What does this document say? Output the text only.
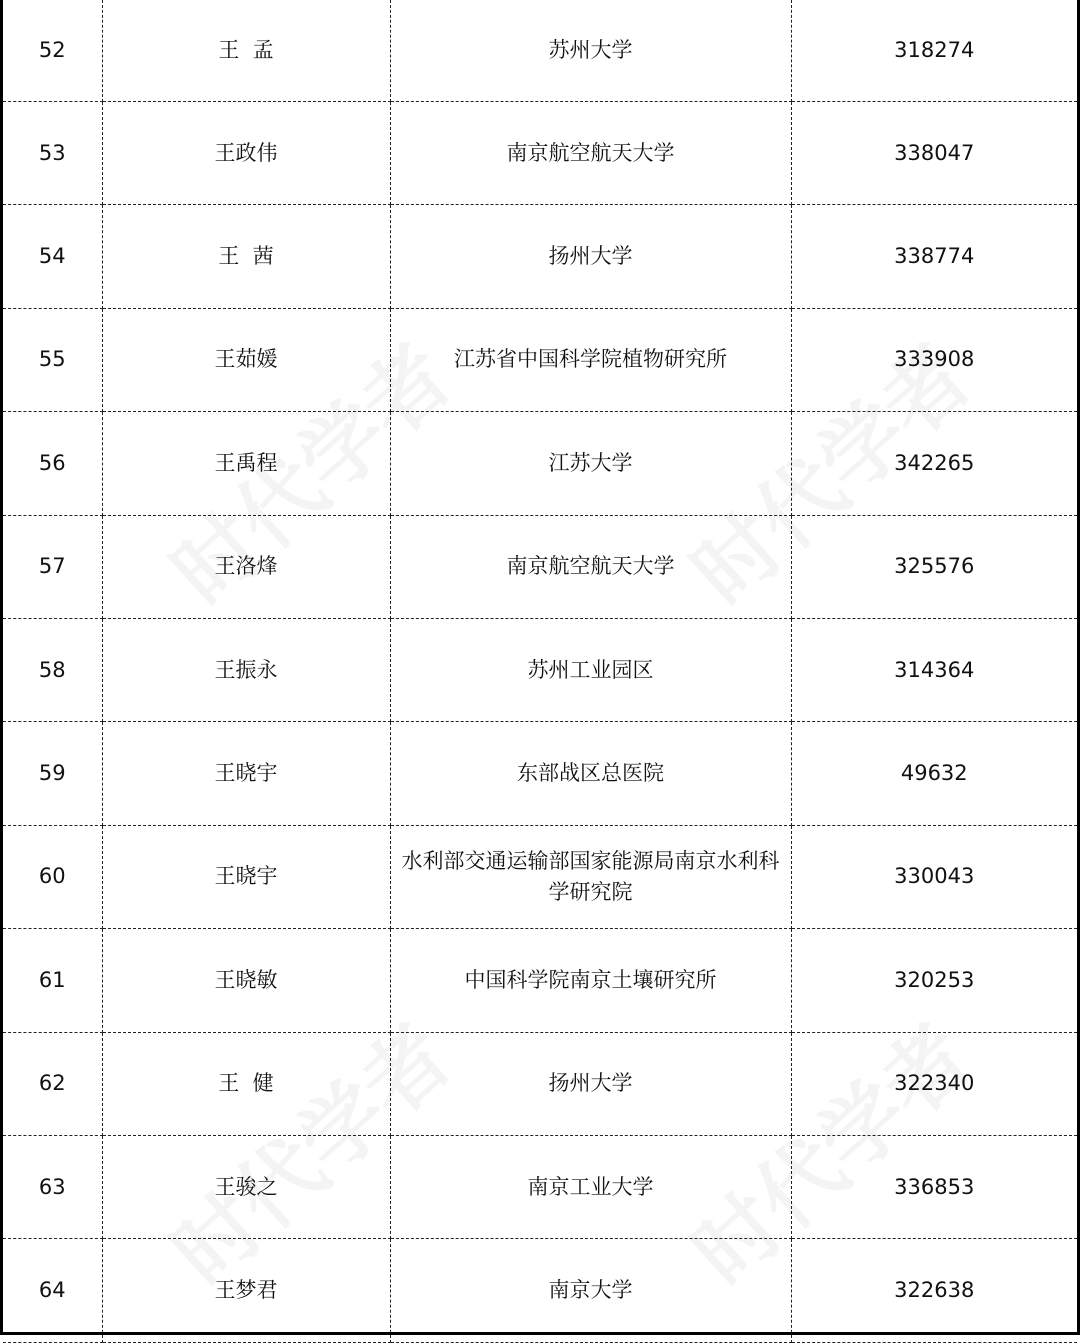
52	王  孟	苏州大学	318274
53	王政伟	南京航空航天大学	338047
54	王  茜	扬州大学	338774
55	王茹媛	江苏省中国科学院植物研究所	333908
56	王禹程	江苏大学	342265
57	王洛烽	南京航空航天大学	325576
58	王振永	苏州工业园区	314364
59	王晓宇	东部战区总医院	49632
60	王晓宇	水利部交通运输部国家能源局南京水利科学研究院	330043
61	王晓敏	中国科学院南京土壤研究所	320253
62	王  健	扬州大学	322340
63	王骏之	南京工业大学	336853
64	王梦君	南京大学	322638
